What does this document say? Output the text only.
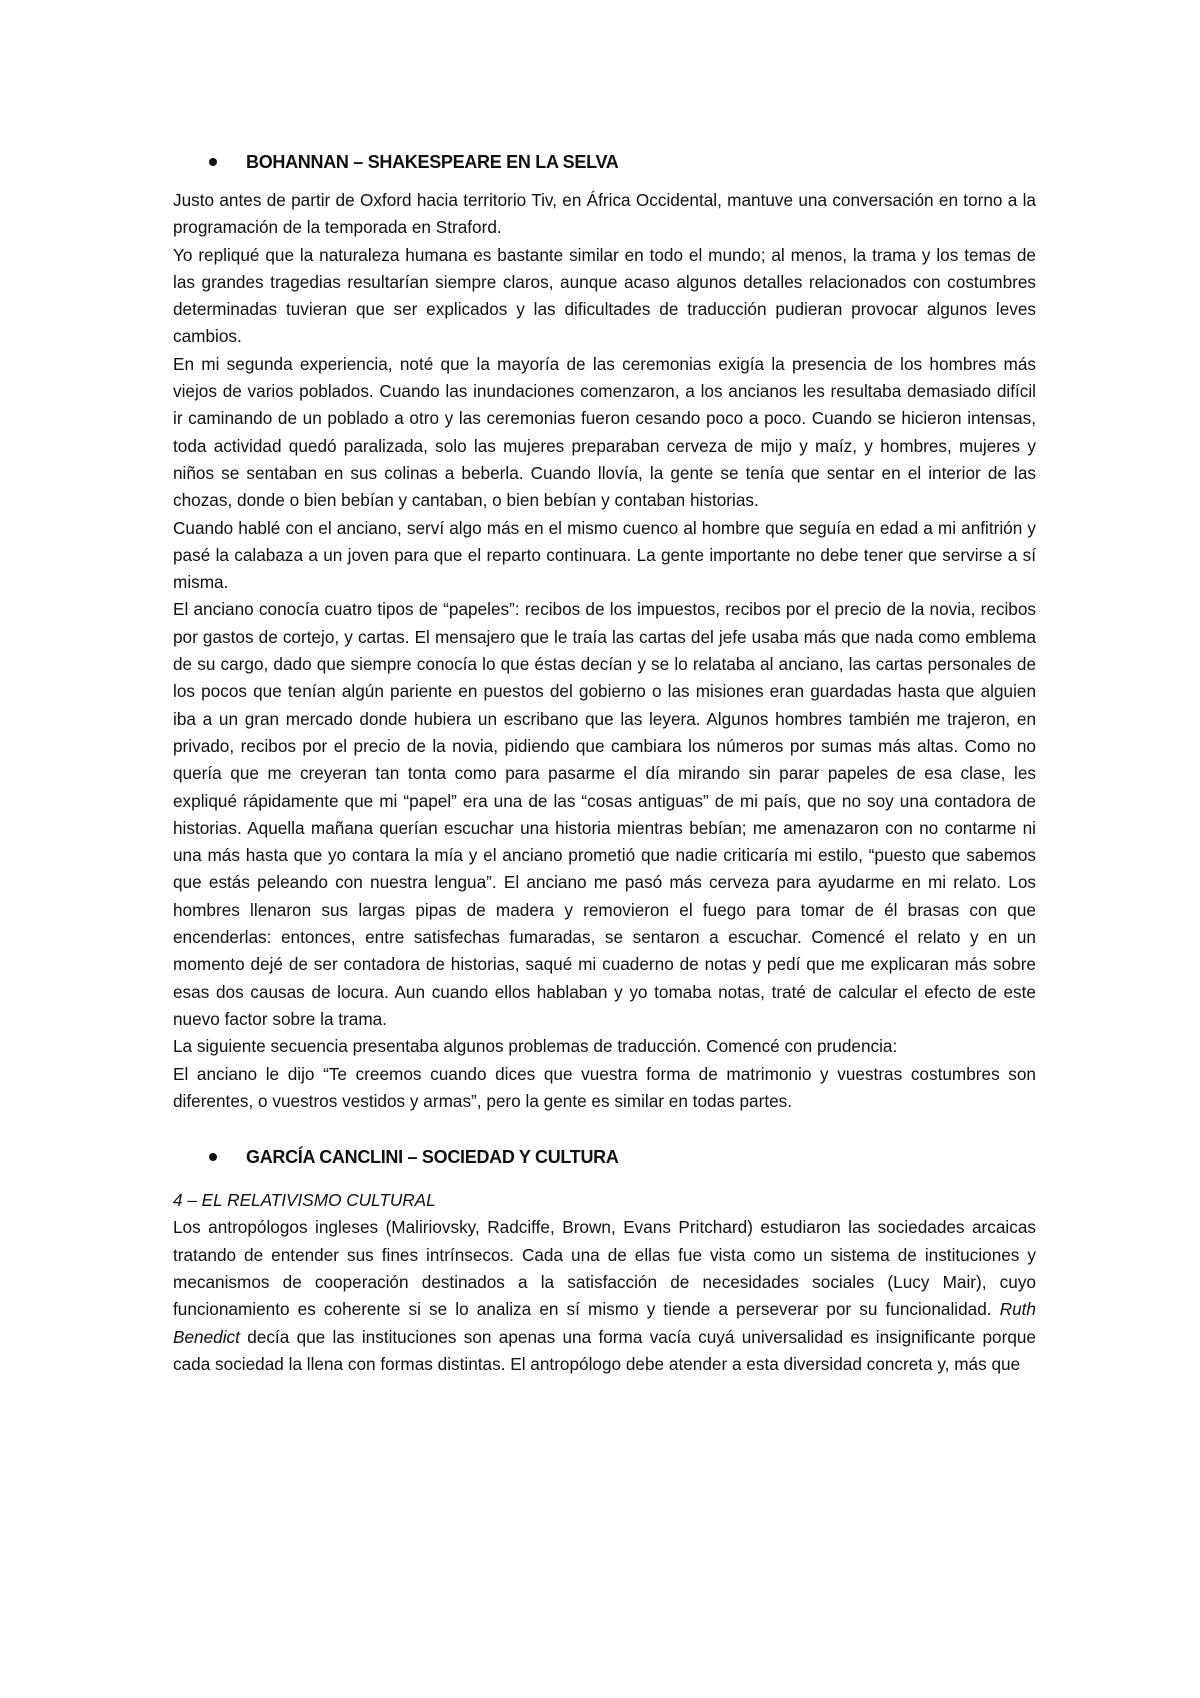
BOHANNAN – SHAKESPEARE EN LA SELVA

Justo antes de partir de Oxford hacia territorio Tiv, en África Occidental, mantuve una conversación en torno a la programación de la temporada en Straford.

Yo repliqué que la naturaleza humana es bastante similar en todo el mundo; al menos, la trama y los temas de las grandes tragedias resultarían siempre claros, aunque acaso algunos detalles relacionados con costumbres determinadas tuvieran que ser explicados y las dificultades de traducción pudieran provocar algunos leves cambios.

En mi segunda experiencia, noté que la mayoría de las ceremonias exigía la presencia de los hombres más viejos de varios poblados. Cuando las inundaciones comenzaron, a los ancianos les resultaba demasiado difícil ir caminando de un poblado a otro y las ceremonias fueron cesando poco a poco. Cuando se hicieron intensas, toda actividad quedó paralizada, solo las mujeres preparaban cerveza de mijo y maíz, y hombres, mujeres y niños se sentaban en sus colinas a beberla. Cuando llovía, la gente se tenía que sentar en el interior de las chozas, donde o bien bebían y cantaban, o bien bebían y contaban historias.

Cuando hablé con el anciano, serví algo más en el mismo cuenco al hombre que seguía en edad a mi anfitrión y pasé la calabaza a un joven para que el reparto continuara. La gente importante no debe tener que servirse a sí misma.

El anciano conocía cuatro tipos de “papeles”: recibos de los impuestos, recibos por el precio de la novia, recibos por gastos de cortejo, y cartas. El mensajero que le traía las cartas del jefe usaba más que nada como emblema de su cargo, dado que siempre conocía lo que éstas decían y se lo relataba al anciano, las cartas personales de los pocos que tenían algún pariente en puestos del gobierno o las misiones eran guardadas hasta que alguien iba a un gran mercado donde hubiera un escribano que las leyera. Algunos hombres también me trajeron, en privado, recibos por el precio de la novia, pidiendo que cambiara los números por sumas más altas. Como no quería que me creyeran tan tonta como para pasarme el día mirando sin parar papeles de esa clase, les expliqué rápidamente que mi “papel” era una de las “cosas antiguas” de mi país, que no soy una contadora de historias. Aquella mañana querían escuchar una historia mientras bebían; me amenazaron con no contarme ni una más hasta que yo contara la mía y el anciano prometió que nadie criticaría mi estilo, “puesto que sabemos que estás peleando con nuestra lengua”. El anciano me pasó más cerveza para ayudarme en mi relato. Los hombres llenaron sus largas pipas de madera y removieron el fuego para tomar de él brasas con que encenderlas: entonces, entre satisfechas fumaradas, se sentaron a escuchar. Comencé el relato y en un momento dejé de ser contadora de historias, saqué mi cuaderno de notas y pedí que me explicaran más sobre esas dos causas de locura. Aun cuando ellos hablaban y yo tomaba notas, traté de calcular el efecto de este nuevo factor sobre la trama.

La siguiente secuencia presentaba algunos problemas de traducción. Comencé con prudencia:

El anciano le dijo “Te creemos cuando dices que vuestra forma de matrimonio y vuestras costumbres son diferentes, o vuestros vestidos y armas”, pero la gente es similar en todas partes.

GARCÍA CANCLINI – SOCIEDAD Y CULTURA

4 – EL RELATIVISMO CULTURAL

Los antropólogos ingleses (Maliriovsky, Radciffe, Brown, Evans Pritchard) estudiaron las sociedades arcaicas tratando de entender sus fines intrínsecos. Cada una de ellas fue vista como un sistema de instituciones y mecanismos de cooperación destinados a la satisfacción de necesidades sociales (Lucy Mair), cuyo funcionamiento es coherente si se lo analiza en sí mismo y tiende a perseverar por su funcionalidad. Ruth Benedict decía que las instituciones son apenas una forma vacía cuyá universalidad es insignificante porque cada sociedad la llena con formas distintas. El antropólogo debe atender a esta diversidad concreta y, más que
